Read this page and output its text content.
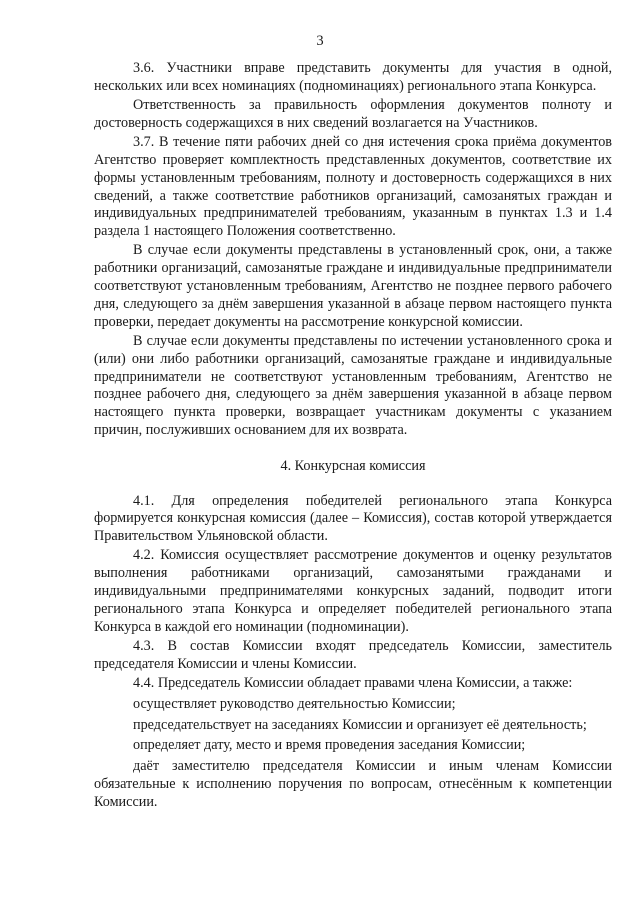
3

3.6. Участники вправе представить документы для участия в одной, нескольких или всех номинациях (подноминациях) регионального этапа Конкурса.

Ответственность за правильность оформления документов полноту и достоверность содержащихся в них сведений возлагается на Участников.

3.7. В течение пяти рабочих дней со дня истечения срока приёма документов Агентство проверяет комплектность представленных документов, соответствие их формы установленным требованиям, полноту и достоверность содержащихся в них сведений, а также соответствие работников организаций, самозанятых граждан и индивидуальных предпринимателей требованиям, указанным в пунктах 1.3 и 1.4 раздела 1 настоящего Положения соответственно.

В случае если документы представлены в установленный срок, они, а также работники организаций, самозанятые граждане и индивидуальные предприниматели соответствуют установленным требованиям, Агентство не позднее первого рабочего дня, следующего за днём завершения указанной в абзаце первом настоящего пункта проверки, передает документы на рассмотрение конкурсной комиссии.

В случае если документы представлены по истечении установленного срока и (или) они либо работники организаций, самозанятые граждане и индивидуальные предприниматели не соответствуют установленным требованиям, Агентство не позднее рабочего дня, следующего за днём завершения указанной в абзаце первом настоящего пункта проверки, возвращает участникам документы с указанием причин, послуживших основанием для их возврата.

4. Конкурсная комиссия

4.1. Для определения победителей регионального этапа Конкурса формируется конкурсная комиссия (далее – Комиссия), состав которой утверждается Правительством Ульяновской области.

4.2. Комиссия осуществляет рассмотрение документов и оценку результатов выполнения работниками организаций, самозанятыми гражданами и индивидуальными предпринимателями конкурсных заданий, подводит итоги регионального этапа Конкурса и определяет победителей регионального этапа Конкурса в каждой его номинации (подноминации).

4.3. В состав Комиссии входят председатель Комиссии, заместитель председателя Комиссии и члены Комиссии.

4.4. Председатель Комиссии обладает правами члена Комиссии, а также:

осуществляет руководство деятельностью Комиссии;

председательствует на заседаниях Комиссии и организует её деятельность;

определяет дату, место и время проведения заседания Комиссии;

даёт заместителю председателя Комиссии и иным членам Комиссии обязательные к исполнению поручения по вопросам, отнесённым к компетенции Комиссии.
